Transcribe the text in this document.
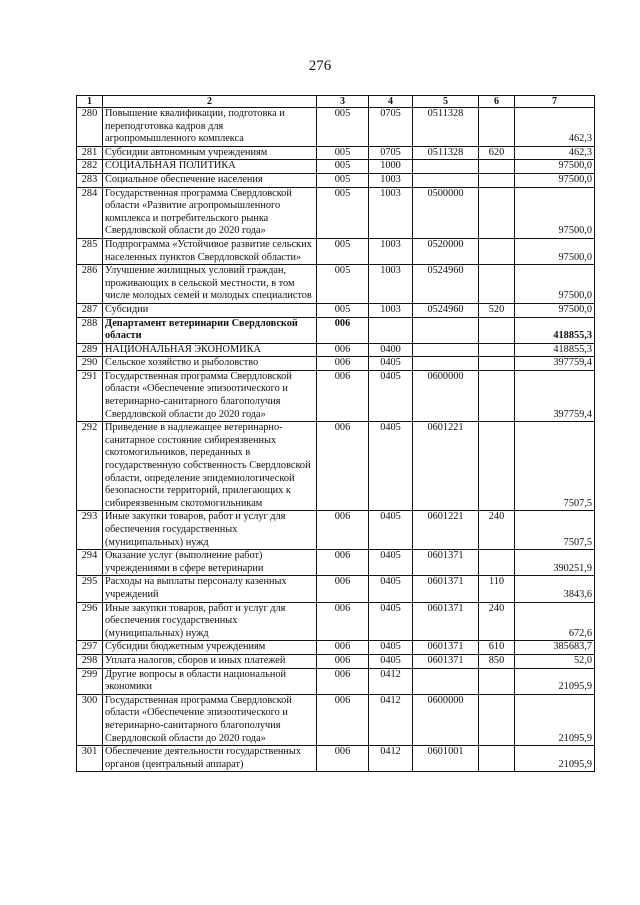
276
1	2	3	4	5	6	7
280	Повышение квалификации, подготовка и переподготовка кадров для агропромышленного комплекса	005	0705	0511328		462,3
281	Субсидии автономным учреждениям	005	0705	0511328	620	462,3
282	СОЦИАЛЬНАЯ ПОЛИТИКА	005	1000			97500,0
283	Социальное обеспечение населения	005	1003			97500,0
284	Государственная программа Свердловской области «Развитие агропромышленного комплекса и потребительского рынка Свердловской области до 2020 года»	005	1003	0500000		97500,0
285	Подпрограмма «Устойчивое развитие сельских населенных пунктов Свердловской области»	005	1003	0520000		97500,0
286	Улучшение жилищных условий граждан, проживающих в сельской местности, в том числе молодых семей и молодых специалистов	005	1003	0524960		97500,0
287	Субсидии	005	1003	0524960	520	97500,0
288	Департамент ветеринарии Свердловской области	006				418855,3
289	НАЦИОНАЛЬНАЯ ЭКОНОМИКА	006	0400			418855,3
290	Сельское хозяйство и рыболовство	006	0405			397759,4
291	Государственная программа Свердловской области «Обеспечение эпизоотического и ветеринарно-санитарного благополучия Свердловской области до 2020 года»	006	0405	0600000		397759,4
292	Приведение в надлежащее ветеринарно-санитарное состояние сибиреязвенных скотомогильников, переданных в государственную собственность Свердловской области, определение эпидемиологической безопасности территорий, прилегающих к сибиреязвенным скотомогильникам	006	0405	0601221		7507,5
293	Иные закупки товаров, работ и услуг для обеспечения государственных (муниципальных) нужд	006	0405	0601221	240	7507,5
294	Оказание услуг (выполнение работ) учреждениями в сфере ветеринарии	006	0405	0601371		390251,9
295	Расходы на выплаты персоналу казенных учреждений	006	0405	0601371	110	3843,6
296	Иные закупки товаров, работ и услуг для обеспечения государственных (муниципальных) нужд	006	0405	0601371	240	672,6
297	Субсидии бюджетным учреждениям	006	0405	0601371	610	385683,7
298	Уплата налогов, сборов и иных платежей	006	0405	0601371	850	52,0
299	Другие вопросы в области национальной экономики	006	0412			21095,9
300	Государственная программа Свердловской области «Обеспечение эпизоотического и ветеринарно-санитарного благополучия Свердловской области до 2020 года»	006	0412	0600000		21095,9
301	Обеспечение деятельности государственных органов (центральный аппарат)	006	0412	0601001		21095,9
